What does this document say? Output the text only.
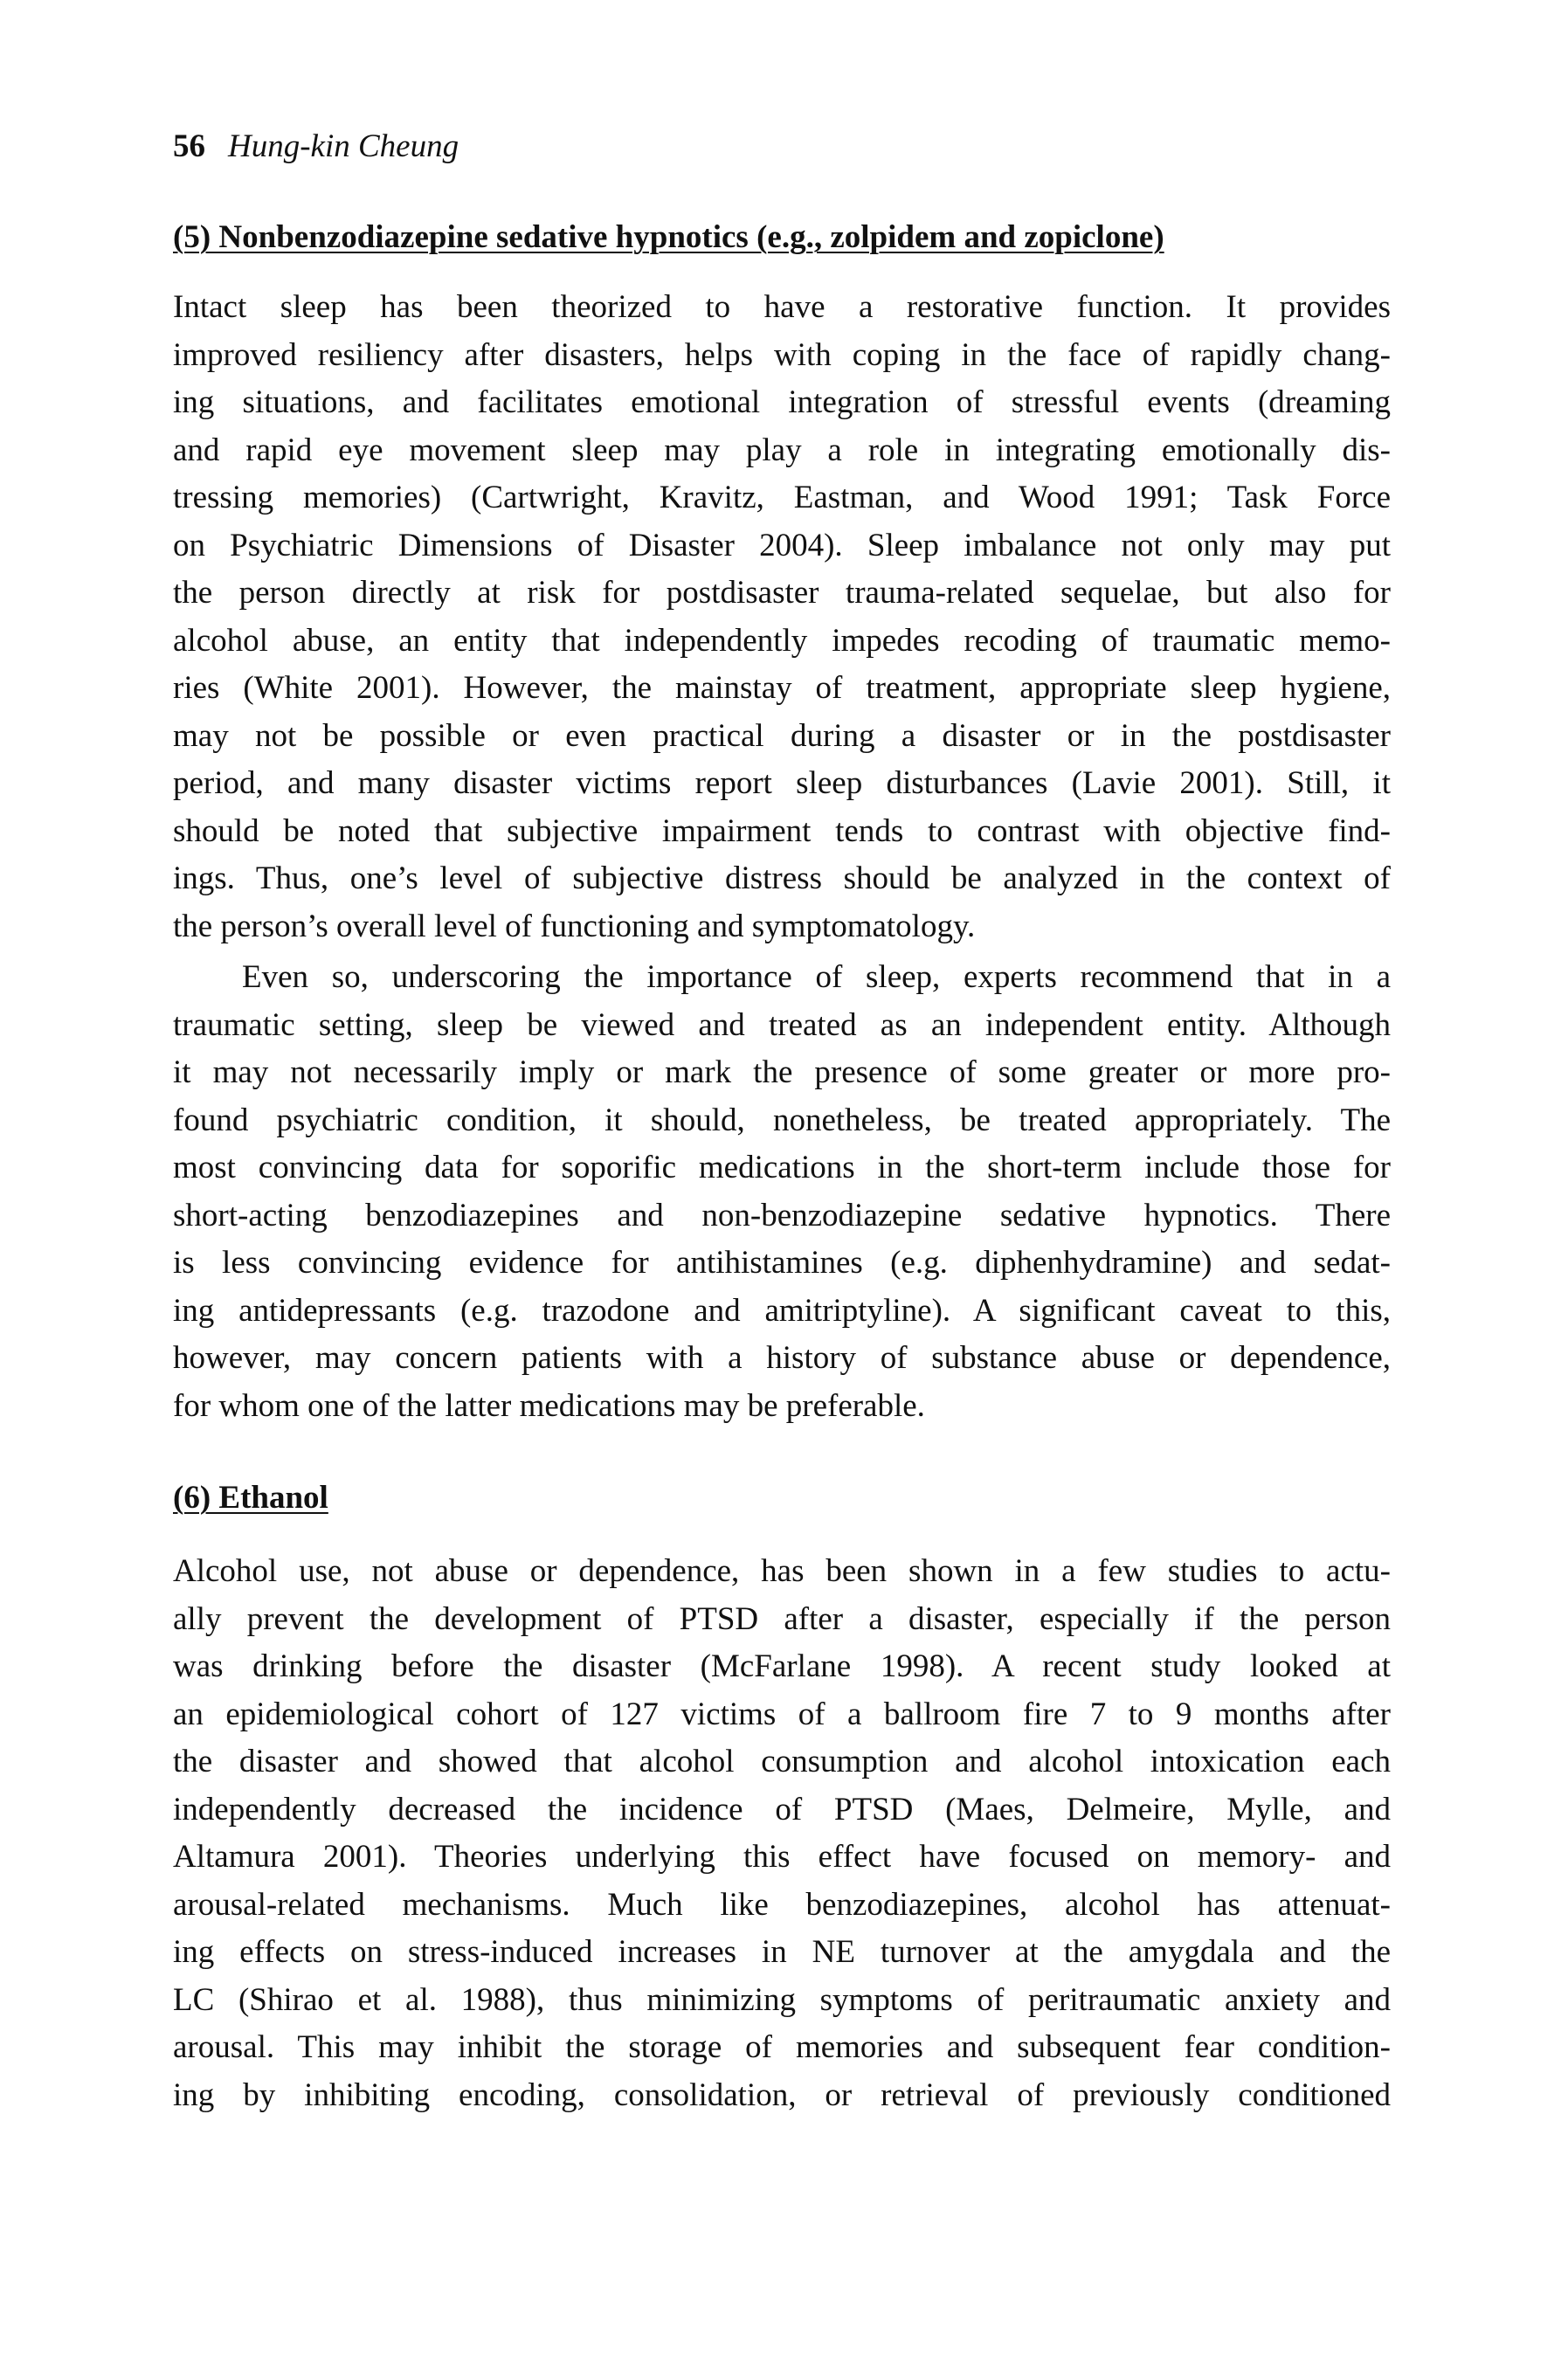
56 Hung-kin Cheung
(5) Nonbenzodiazepine sedative hypnotics (e.g., zolpidem and zopiclone)
Intact sleep has been theorized to have a restorative function. It provides
improved resiliency after disasters, helps with coping in the face of rapidly chang-
ing situations, and facilitates emotional integration of stressful events (dreaming
and rapid eye movement sleep may play a role in integrating emotionally dis-
tressing memories) (Cartwright, Kravitz, Eastman, and Wood 1991; Task Force
on Psychiatric Dimensions of Disaster 2004). Sleep imbalance not only may put
the person directly at risk for postdisaster trauma-related sequelae, but also for
alcohol abuse, an entity that independently impedes recoding of traumatic memo-
ries (White 2001). However, the mainstay of treatment, appropriate sleep hygiene,
may not be possible or even practical during a disaster or in the postdisaster
period, and many disaster victims report sleep disturbances (Lavie 2001). Still, it
should be noted that subjective impairment tends to contrast with objective find-
ings. Thus, one’s level of subjective distress should be analyzed in the context of
the person’s overall level of functioning and symptomatology.
Even so, underscoring the importance of sleep, experts recommend that in a
traumatic setting, sleep be viewed and treated as an independent entity. Although
it may not necessarily imply or mark the presence of some greater or more pro-
found psychiatric condition, it should, nonetheless, be treated appropriately. The
most convincing data for soporific medications in the short-term include those for
short-acting benzodiazepines and non-benzodiazepine sedative hypnotics. There
is less convincing evidence for antihistamines (e.g. diphenhydramine) and sedat-
ing antidepressants (e.g. trazodone and amitriptyline). A significant caveat to this,
however, may concern patients with a history of substance abuse or dependence,
for whom one of the latter medications may be preferable.
(6) Ethanol
Alcohol use, not abuse or dependence, has been shown in a few studies to actu-
ally prevent the development of PTSD after a disaster, especially if the person
was drinking before the disaster (McFarlane 1998). A recent study looked at
an epidemiological cohort of 127 victims of a ballroom fire 7 to 9 months after
the disaster and showed that alcohol consumption and alcohol intoxication each
independently decreased the incidence of PTSD (Maes, Delmeire, Mylle, and
Altamura 2001). Theories underlying this effect have focused on memory- and
arousal-related mechanisms. Much like benzodiazepines, alcohol has attenuat-
ing effects on stress-induced increases in NE turnover at the amygdala and the
LC (Shirao et al. 1988), thus minimizing symptoms of peritraumatic anxiety and
arousal. This may inhibit the storage of memories and subsequent fear condition-
ing by inhibiting encoding, consolidation, or retrieval of previously conditioned
